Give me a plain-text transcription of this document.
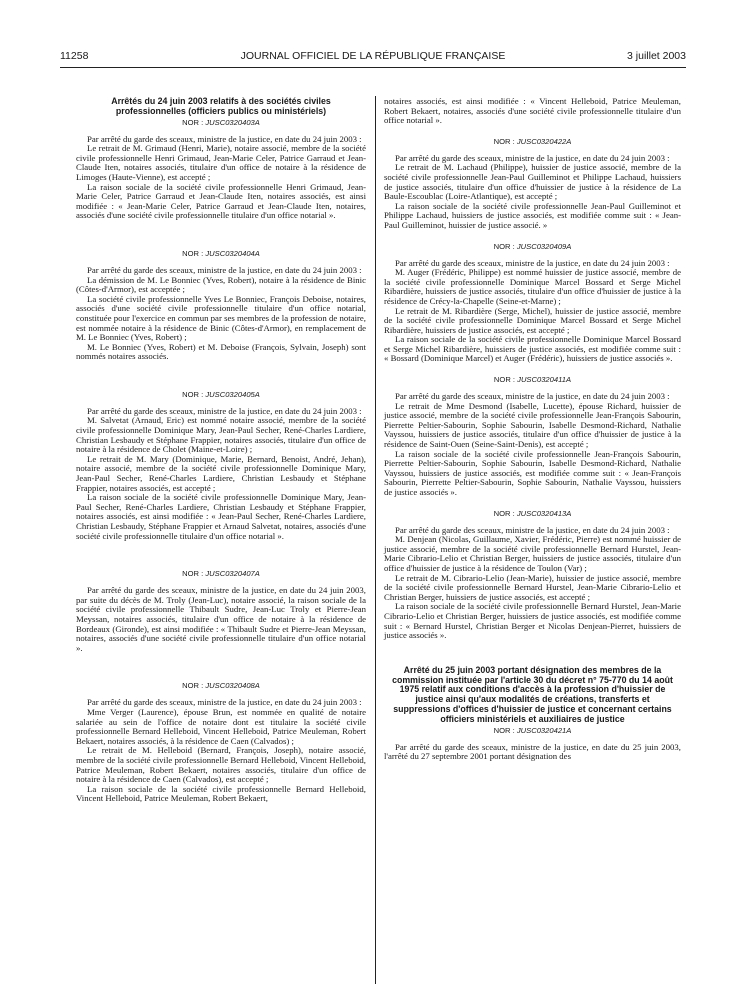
11258	JOURNAL OFFICIEL DE LA RÉPUBLIQUE FRANÇAISE	3 juillet 2003
Arrêtés du 24 juin 2003 relatifs à des sociétés civiles professionnelles (officiers publics ou ministériels)
NOR : JUSC0320403A

Par arrêté du garde des sceaux, ministre de la justice, en date du 24 juin 2003 :

Le retrait de M. Grimaud (Henri, Marie), notaire associé, membre de la société civile professionnelle Henri Grimaud, Jean-Marie Celer, Patrice Garraud et Jean-Claude Iten, notaires associés, titulaire d'un office de notaire à la résidence de Limoges (Haute-Vienne), est accepté ;

La raison sociale de la société civile professionnelle Henri Grimaud, Jean-Marie Celer, Patrice Garraud et Jean-Claude Iten, notaires associés, est ainsi modifiée : « Jean-Marie Celer, Patrice Garraud et Jean-Claude Iten, notaires, associés d'une société civile professionnelle titulaire d'un office notarial ».

NOR : JUSC0320404A

Par arrêté du garde des sceaux, ministre de la justice, en date du 24 juin 2003 :

La démission de M. Le Bonniec (Yves, Robert), notaire à la résidence de Binic (Côtes-d'Armor), est acceptée ;

La société civile professionnelle Yves Le Bonniec, François Deboise, notaires, associés d'une société civile professionnelle titulaire d'un office notarial, constituée pour l'exercice en commun par ses membres de la profession de notaire, est nommée notaire à la résidence de Binic (Côtes-d'Armor), en remplacement de M. Le Bonniec (Yves, Robert) ;

M. Le Bonniec (Yves, Robert) et M. Deboise (François, Sylvain, Joseph) sont nommés notaires associés.

NOR : JUSC0320405A

Par arrêté du garde des sceaux, ministre de la justice, en date du 24 juin 2003 :

M. Salvetat (Arnaud, Eric) est nommé notaire associé, membre de la société civile professionnelle Dominique Mary, Jean-Paul Secher, René-Charles Lardiere, Christian Lesbaudy et Stéphane Frappier, notaires associés, titulaire d'un office de notaire à la résidence de Cholet (Maine-et-Loire) ;

Le retrait de M. Mary (Dominique, Marie, Bernard, Benoist, André, Jehan), notaire associé, membre de la société civile professionnelle Dominique Mary, Jean-Paul Secher, René-Charles Lardiere, Christian Lesbaudy et Stéphane Frappier, notaires associés, est accepté ;

La raison sociale de la société civile professionnelle Dominique Mary, Jean-Paul Secher, René-Charles Lardiere, Christian Lesbaudy et Stéphane Frappier, notaires associés, est ainsi modifiée : « Jean-Paul Secher, René-Charles Lardiere, Christian Lesbaudy, Stéphane Frappier et Arnaud Salvetat, notaires, associés d'une société civile professionnelle titulaire d'un office notarial ».

NOR : JUSC0320407A

Par arrêté du garde des sceaux, ministre de la justice, en date du 24 juin 2003, par suite du décès de M. Troly (Jean-Luc), notaire associé, la raison sociale de la société civile professionnelle Thibault Sudre, Jean-Luc Troly et Pierre-Jean Meyssan, notaires associés, titulaire d'un office de notaire à la résidence de Bordeaux (Gironde), est ainsi modifiée : « Thibault Sudre et Pierre-Jean Meyssan, notaires, associés d'une société civile professionnelle titulaire d'un office notarial ».

NOR : JUSC0320408A

Par arrêté du garde des sceaux, ministre de la justice, en date du 24 juin 2003 :

Mme Verger (Laurence), épouse Brun, est nommée en qualité de notaire salariée au sein de l'office de notaire dont est titulaire la société civile professionnelle Bernard Helleboid, Vincent Helleboid, Patrice Meuleman, Robert Bekaert, notaires associés, à la résidence de Caen (Calvados) ;

Le retrait de M. Helleboid (Bernard, François, Joseph), notaire associé, membre de la société civile professionnelle Bernard Helleboid, Vincent Helleboid, Patrice Meuleman, Robert Bekaert, notaires associés, titulaire d'un office de notaire à la résidence de Caen (Calvados), est accepté ;

La raison sociale de la société civile professionnelle Bernard Helleboid, Vincent Helleboid, Patrice Meuleman, Robert Bekaert,

notaires associés, est ainsi modifiée : « Vincent Helleboid, Patrice Meuleman, Robert Bekaert, notaires, associés d'une société civile professionnelle titulaire d'un office notarial ».

NOR : JUSC0320422A

Par arrêté du garde des sceaux, ministre de la justice, en date du 24 juin 2003 :

Le retrait de M. Lachaud (Philippe), huissier de justice associé, membre de la société civile professionnelle Jean-Paul Guilleminot et Philippe Lachaud, huissiers de justice associés, titulaire d'un office d'huissier de justice à la résidence de La Baule-Escoublac (Loire-Atlantique), est accepté ;

La raison sociale de la société civile professionnelle Jean-Paul Guilleminot et Philippe Lachaud, huissiers de justice associés, est modifiée comme suit : « Jean-Paul Guilleminot, huissier de justice associé. »

NOR : JUSC0320409A

Par arrêté du garde des sceaux, ministre de la justice, en date du 24 juin 2003 :

M. Auger (Frédéric, Philippe) est nommé huissier de justice associé, membre de la société civile professionnelle Dominique Marcel Bossard et Serge Michel Ribardière, huissiers de justice associés, titulaire d'un office d'huissier de justice à la résidence de Crécy-la-Chapelle (Seine-et-Marne) ;

Le retrait de M. Ribardière (Serge, Michel), huissier de justice associé, membre de la société civile professionnelle Dominique Marcel Bossard et Serge Michel Ribardière, huissiers de justice associés, est accepté ;

La raison sociale de la société civile professionnelle Dominique Marcel Bossard et Serge Michel Ribardière, huissiers de justice associés, est modifiée comme suit : « Bossard (Dominique Marcel) et Auger (Frédéric), huissiers de justice associés ».

NOR : JUSC0320411A

Par arrêté du garde des sceaux, ministre de la justice, en date du 24 juin 2003 :

Le retrait de Mme Desmond (Isabelle, Lucette), épouse Richard, huissier de justice associé, membre de la société civile professionnelle Jean-François Sabourin, Pierrette Peltier-Sabourin, Sophie Sabourin, Isabelle Desmond-Richard, Nathalie Vayssou, huissiers de justice associés, titulaire d'un office d'huissier de justice à la résidence de Saint-Ouen (Seine-Saint-Denis), est accepté ;

La raison sociale de la société civile professionnelle Jean-François Sabourin, Pierrette Peltier-Sabourin, Sophie Sabourin, Isabelle Desmond-Richard, Nathalie Vayssou, huissiers de justice associés, est modifiée comme suit : « Jean-François Sabourin, Pierrette Peltier-Sabourin, Sophie Sabourin, Nathalie Vayssou, huissiers de justice associés ».

NOR : JUSC0320413A

Par arrêté du garde des sceaux, ministre de la justice, en date du 24 juin 2003 :

M. Denjean (Nicolas, Guillaume, Xavier, Frédéric, Pierre) est nommé huissier de justice associé, membre de la société civile professionnelle Bernard Hurstel, Jean-Marie Cibrario-Lelio et Christian Berger, huissiers de justice associés, titulaire d'un office d'huissier de justice à la résidence de Toulon (Var) ;

Le retrait de M. Cibrario-Lelio (Jean-Marie), huissier de justice associé, membre de la société civile professionnelle Bernard Hurstel, Jean-Marie Cibrario-Lelio et Christian Berger, huissiers de justice associés, est accepté ;

La raison sociale de la société civile professionnelle Bernard Hurstel, Jean-Marie Cibrario-Lelio et Christian Berger, huissiers de justice associés, est modifiée comme suit : « Bernard Hurstel, Christian Berger et Nicolas Denjean-Pierret, huissiers de justice associés ».

Arrêté du 25 juin 2003 portant désignation des membres de la commission instituée par l'article 30 du décret n° 75-770 du 14 août 1975 relatif aux conditions d'accès à la profession d'huissier de justice ainsi qu'aux modalités de créations, transferts et suppressions d'offices d'huissier de justice et concernant certains officiers ministériels et auxiliaires de justice
NOR : JUSC0320421A

Par arrêté du garde des sceaux, ministre de la justice, en date du 25 juin 2003, l'arrêté du 27 septembre 2001 portant désignation des
